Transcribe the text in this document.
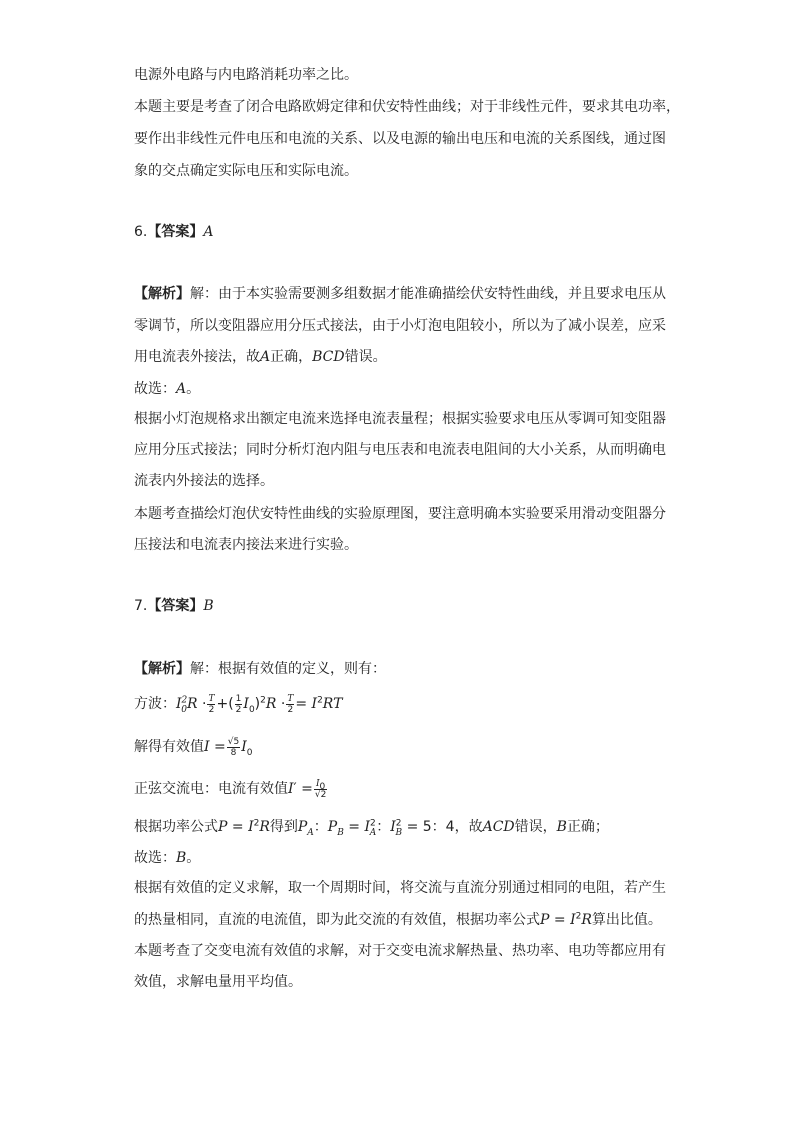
电源外电路与内电路消耗功率之比。
本题主要是考查了闭合电路欧姆定律和伏安特性曲线；对于非线性元件，要求其电功率，
要作出非线性元件电压和电流的关系、以及电源的输出电压和电流的关系图线，通过图
象的交点确定实际电压和实际电流。
6.【答案】A
【解析】解：由于本实验需要测多组数据才能准确描绘伏安特性曲线，并且要求电压从
零调节，所以变阻器应用分压式接法，由于小灯泡电阻较小，所以为了减小误差，应采
用电流表外接法，故A正确，BCD错误。
故选：A。
根据小灯泡规格求出额定电流来选择电流表量程；根据实验要求电压从零调可知变阻器
应用分压式接法；同时分析灯泡内阻与电压表和电流表电阻间的大小关系，从而明确电
流表内外接法的选择。
本题考查描绘灯泡伏安特性曲线的实验原理图，要注意明确本实验要采用滑动变阻器分
压接法和电流表内接法来进行实验。
7.【答案】B
【解析】解：根据有效值的定义，则有：
方波：$I^2_0R \cdot \frac{T}{2}$ +( $\frac{1}{2} I_0)^2R \cdot \frac{T}{2} = I^2RT$
解得有效值$I = \frac{√5}{8} I_0$
正弦交流电：电流有效值$I' = \frac{I_0}{√2}$
根据功率公式$P = I^2R$得到$P_A$：$P_B = I^2_A$：$I^2_B = 5$：4，故ACD错误，B正确；
故选：B。
根据有效值的定义求解，取一个周期时间，将交流与直流分别通过相同的电阻，若产生
的热量相同，直流的电流值，即为此交流的有效值，根据功率公式$P = I^2R$算出比值。
本题考查了交变电流有效值的求解，对于交变电流求解热量、热功率、电功等都应用有
效值，求解电量用平均值。
